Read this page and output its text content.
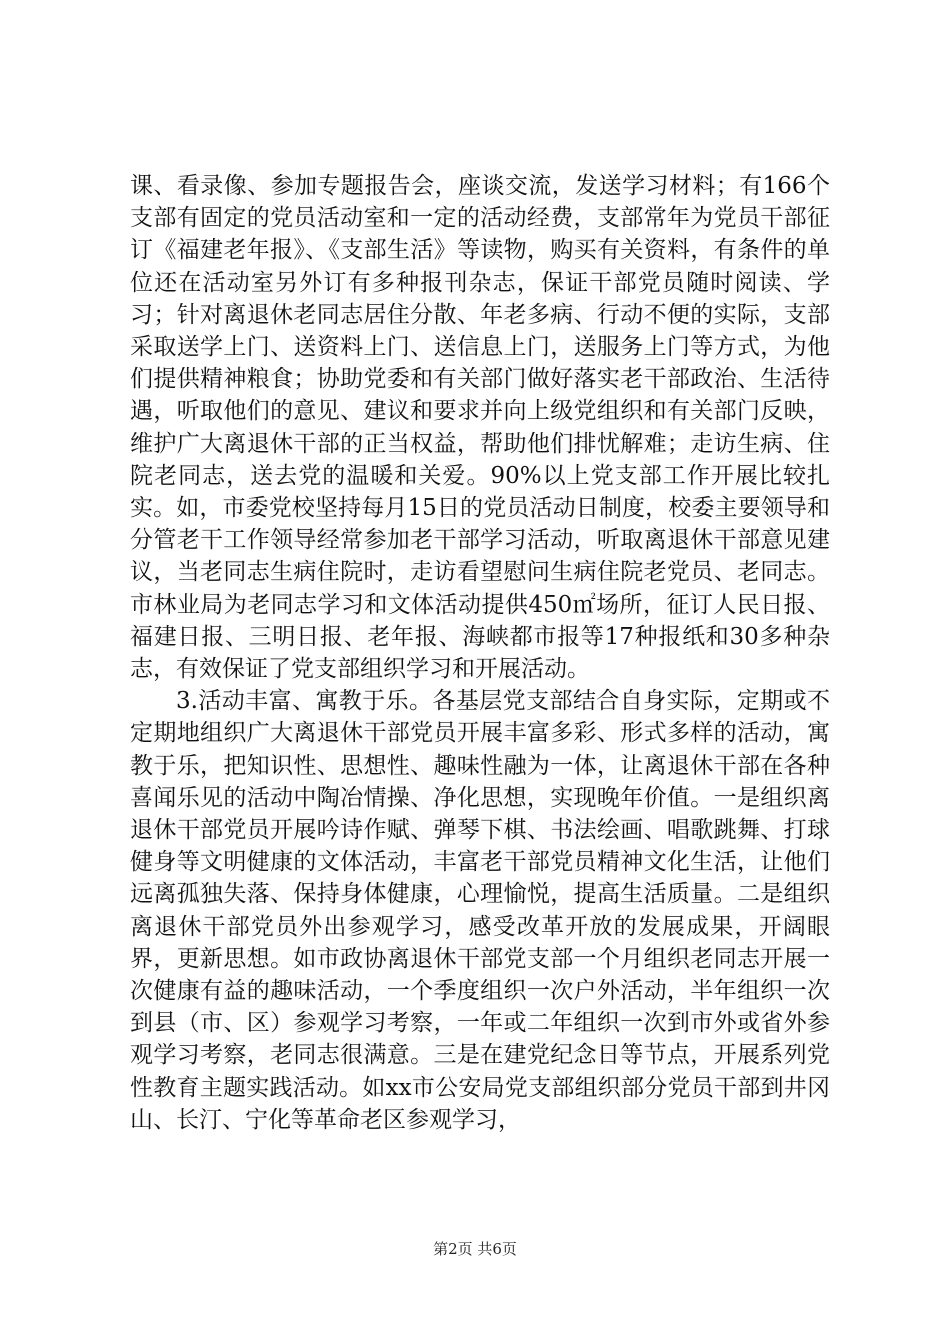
课、看录像、参加专题报告会，座谈交流，发送学习材料；有166个支部有固定的党员活动室和一定的活动经费，支部常年为党员干部征订《福建老年报》、《支部生活》等读物，购买有关资料，有条件的单位还在活动室另外订有多种报刊杂志，保证干部党员随时阅读、学习；针对离退休老同志居住分散、年老多病、行动不便的实际，支部采取送学上门、送资料上门、送信息上门，送服务上门等方式，为他们提供精神粮食；协助党委和有关部门做好落实老干部政治、生活待遇，听取他们的意见、建议和要求并向上级党组织和有关部门反映，维护广大离退休干部的正当权益，帮助他们排忧解难；走访生病、住院老同志，送去党的温暖和关爱。90%以上党支部工作开展比较扎实。如，市委党校坚持每月15日的党员活动日制度，校委主要领导和分管老干工作领导经常参加老干部学习活动，听取离退休干部意见建议，当老同志生病住院时，走访看望慰问生病住院老党员、老同志。市林业局为老同志学习和文体活动提供450㎡场所，征订人民日报、福建日报、三明日报、老年报、海峡都市报等17种报纸和30多种杂志，有效保证了党支部组织学习和开展活动。

3.活动丰富、寓教于乐。各基层党支部结合自身实际，定期或不定期地组织广大离退休干部党员开展丰富多彩、形式多样的活动，寓教于乐，把知识性、思想性、趣味性融为一体，让离退休干部在各种喜闻乐见的活动中陶冶情操、净化思想，实现晚年价值。一是组织离退休干部党员开展吟诗作赋、弹琴下棋、书法绘画、唱歌跳舞、打球健身等文明健康的文体活动，丰富老干部党员精神文化生活，让他们远离孤独失落、保持身体健康，心理愉悦，提高生活质量。二是组织离退休干部党员外出参观学习，感受改革开放的发展成果，开阔眼界，更新思想。如市政协离退休干部党支部一个月组织老同志开展一次健康有益的趣味活动，一个季度组织一次户外活动，半年组织一次到县（市、区）参观学习考察，一年或二年组织一次到市外或省外参观学习考察，老同志很满意。三是在建党纪念日等节点，开展系列党性教育主题实践活动。如xx市公安局党支部组织部分党员干部到井冈山、长汀、宁化等革命老区参观学习，

第2页 共6页
